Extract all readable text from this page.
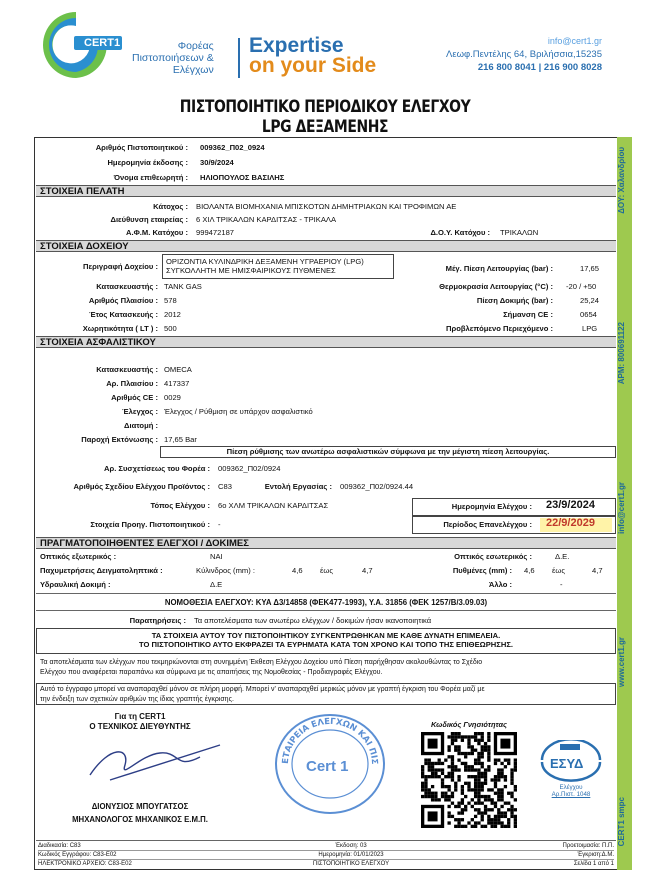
CERT1	Φορέας
Πιστοποιήσεων &
Ελέγχων
Expertise
on your Side
info@cert1.gr
Λεωφ.Πεντέλης 64, Βριλήσσια,15235
216 800 8041 | 216 900 8028
ΠΙΣΤΟΠΟΙΗΤΙΚΟ ΠΕΡΙΟΔΙΚΟΥ ΕΛΕΓΧΟΥ
LPG ΔΕΞΑΜΕΝΗΣ
ΔΟΥ: Χαλανδρίου
ΑΡΜ: 800691122
info@cert1.gr
www.cert1.gr
CERT1 smpc
Αριθμός Πιστοποιητικού : 009362_Π02_0924
Ημερομηνία έκδοσης : 30/9/2024
Όνομα επιθεωρητή : ΗΛΙΟΠΟΥΛΟΣ ΒΑΣΙΛΗΣ
ΣΤΟΙΧΕΙΑ ΠΕΛΑΤΗ
Κάτοχος : ΒΙΟΛΑΝΤΑ ΒΙΟΜΗΧΑΝΙΑ ΜΠΙΣΚΟΤΩΝ ΔΗΜΗΤΡΙΑΚΩΝ ΚΑΙ ΤΡΟΦΙΜΩΝ ΑΕ
Διεύθυνση εταιρείας : 6 ΧΙΛ ΤΡΙΚΑΛΩΝ ΚΑΡΔΙΤΣΑΣ - ΤΡΙΚΑΛΑ
Α.Φ.Μ. Κατόχου : 999472187	Δ.Ο.Υ. Κατόχου : ΤΡΙΚΑΛΩΝ
ΣΤΟΙΧΕΙΑ ΔΟΧΕΙΟΥ
Περιγραφή Δοχείου :
ΟΡΙΖΟΝΤΙΑ ΚΥΛΙΝΔΡΙΚΗ ΔΕΞΑΜΕΝΗ ΥΓΡΑΕΡΙΟΥ (LPG)
ΣΥΓΚΟΛΛΗΤΗ ΜΕ ΗΜΙΣΦΑΙΡΙΚΟΥΣ ΠΥΘΜΕΝΕΣ
Κατασκευαστής : TANK GAS
Αριθμός Πλαισίου : 578
Έτος Κατασκευής : 2012
Χωρητικότητα ( LT ) : 500
Μέγ. Πίεση Λειτουργίας (bar) :	17,65
Θερμοκρασία Λειτουργίας (°C) : -20 / +50
Πίεση Δοκιμής (bar) :	25,24
Σήμανση CE :	0654
Προβλεπόμενο Περιεχόμενο :	LPG
ΣΤΟΙΧΕΙΑ ΑΣΦΑΛΙΣΤΙΚΟΥ
Κατασκευαστής : OMECA
Αρ. Πλαισίου : 417337
Αριθμός CE : 0029
Έλεγχος : Έλεγχος / Ρύθμιση σε υπάρχον ασφαλιστικό
Διατομή :
Παροχή Εκτόνωσης : 17,65 Bar
Πίεση ρύθμισης των ανωτέρω ασφαλιστικών σύμφωνα με την μέγιστη πίεση λειτουργίας.
Αρ. Συσχετίσεως του Φορέα : 009362_Π02/0924
Αριθμός Σχεδίου Ελέγχου Προϊόντος : C83	Εντολή Εργασίας : 009362_Π02/0924.44
Τόπος Ελέγχου : 6ο ΧΛΜ ΤΡΙΚΑΛΩΝ ΚΑΡΔΙΤΣΑΣ
Στοιχεία Προηγ. Πιστοποιητικού : -
Ημερομηνία Ελέγχου : 23/9/2024
Περίοδος Επανελέγχου : 22/9/2029
ΠΡΑΓΜΑΤΟΠΟΙΗΘΕΝΤΕΣ ΕΛΕΓΧΟΙ / ΔΟΚΙΜΕΣ
Οπτικός εξωτερικός :	ΝΑΙ	Οπτικός εσωτερικός :	Δ.Ε.
Παχυμετρήσεις Δειγματοληπτικά :	Κύλινδρος (mm) :	4,6 έως	4,7	Πυθμένες (mm) : 4,6 έως	4,7
Υδραυλική Δοκιμή :	Δ.Ε	Άλλο :	-
ΝΟΜΟΘΕΣΙΑ ΕΛΕΓΧΟΥ: ΚΥΑ Δ3/14858 (ΦΕΚ477-1993), Υ.Α. 31856 (ΦΕΚ 1257/Β/3.09.03)
Παρατηρήσεις : Τα αποτελέσματα των ανωτέρω ελέγχων / δοκιμών ήσαν ικανοποιητικά
ΤΑ ΣΤΟΙΧΕΙΑ ΑΥΤΟΥ ΤΟΥ ΠΙΣΤΟΠΟΙΗΤΙΚΟΥ ΣΥΓΚΕΝΤΡΩΘΗΚΑΝ ΜΕ ΚΑΘΕ ΔΥΝΑΤΗ ΕΠΙΜΕΛΕΙΑ.
ΤΟ ΠΙΣΤΟΠΟΙΗΤΙΚΟ ΑΥΤΟ ΕΚΦΡΑΖΕΙ ΤΑ ΕΥΡΗΜΑΤΑ ΚΑΤΑ ΤΟΝ ΧΡΟΝΟ ΚΑΙ ΤΟΠΟ ΤΗΣ ΕΠΙΘΕΩΡΗΣΗΣ.
Τα αποτελέσματα των ελέγχων που τεκμηριώνονται στη συνημμένη Έκθεση Ελέγχου Δοχείου υπό Πίεση παρήχθησαν ακολουθώντας το Σχέδιο
Ελέγχου που αναφέρεται παραπάνω και σύμφωνα με τις απαιτήσεις της Νομοθεσίας - Προδιαγραφές Ελέγχου.
Αυτό το έγγραφο μπορεί να αναπαραχθεί μόνον σε πλήρη μορφή. Μπορεί ν' αναπαραχθεί μερικώς μόνον με γραπτή έγκριση του Φορέα μαζί με
την ένδειξη των σχετικών αριθμών της ίδιας γραπτής έγκρισης.
Για τη CERT1
Ο ΤΕΧΝΙΚΟΣ ΔΙΕΥΘΥΝΤΗΣ
ΔΙΟΝΥΣΙΟΣ ΜΠΟΥΓΑΤΣΟΣ
ΜΗΧΑΝΟΛΟΓΟΣ ΜΗΧΑΝΙΚΟΣ Ε.Μ.Π.
ΕΤΑΙΡΕΙΑ ΕΛΕΓΧΩΝ ΚΑΙ ΠΙΣ
Cert 1
Κωδικός Γνησιότητας
ΕΣΥΔ
Ελέγχου
Αρ.Πιστ. 1048
Διαδικασία: C83	Έκδοση: 03	Προετοιμασία: Π.Π.
Κωδικός Εγγράφου: C83-E02	Ημερομηνία: 01/01/2023	Έγκριση:Δ.Μ.
ΗΛΕΚΤΡΟΝΙΚΟ ΑΡΧΕΙΟ: C83-E02	ΠΙΣΤΟΠΟΙΗΤΙΚΟ ΕΛΕΓΧΟΥ	Σελίδα 1 από 1
